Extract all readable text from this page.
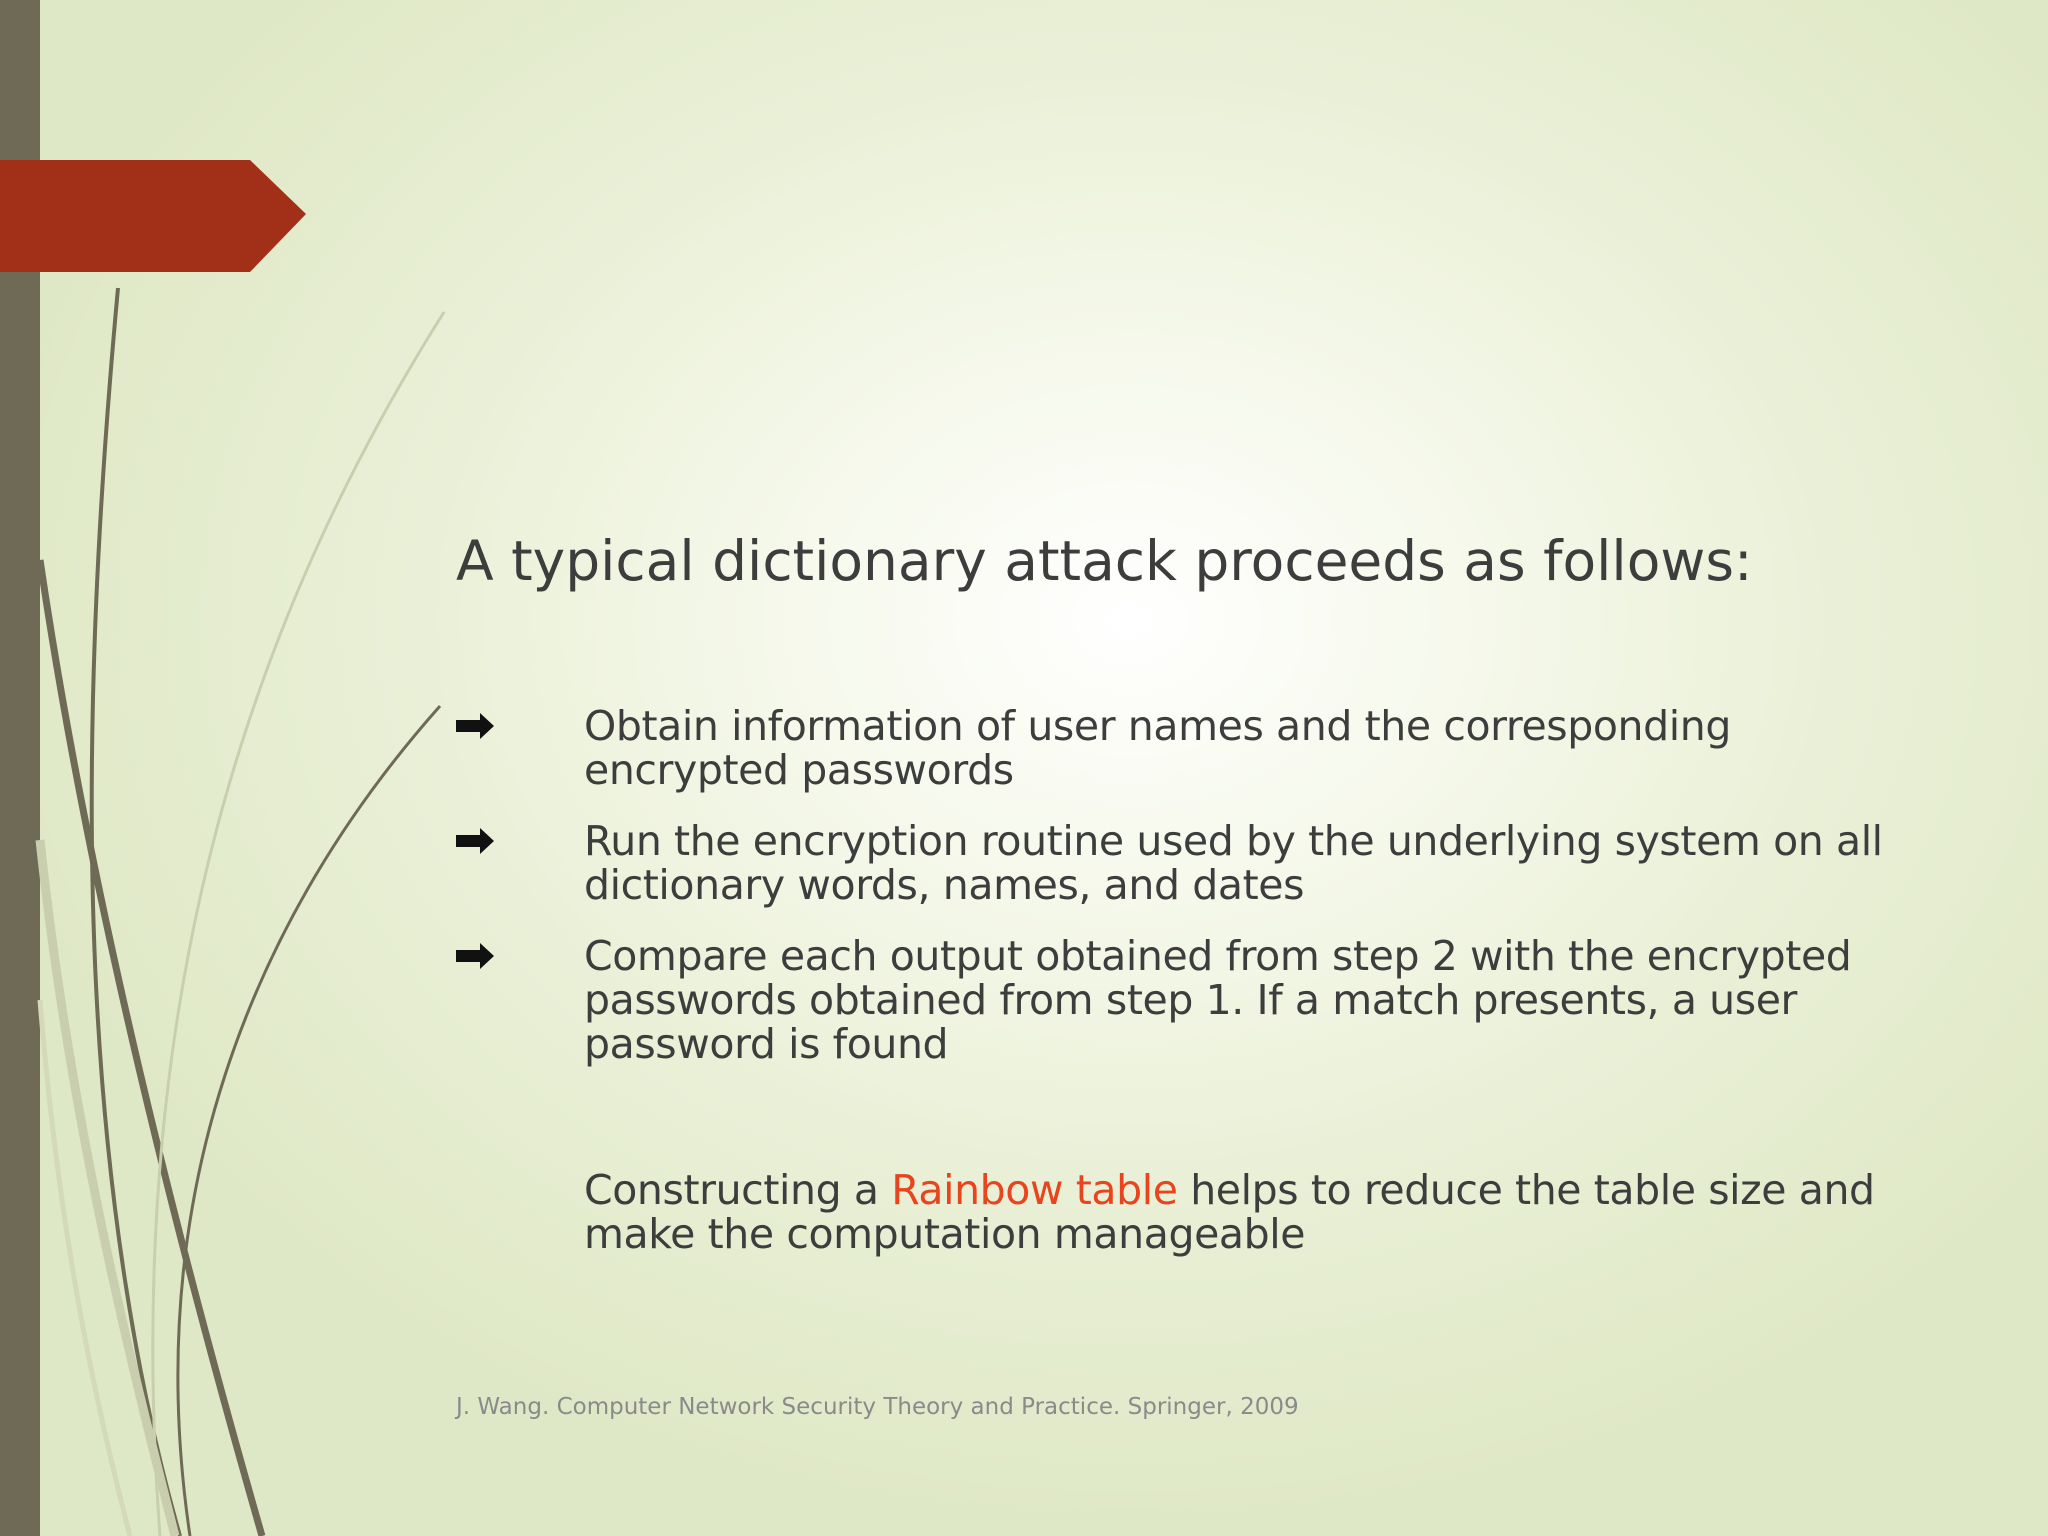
A typical dictionary attack proceeds as follows:
Obtain information of user names and the corresponding encrypted passwords
Run the encryption routine used by the underlying system on all dictionary words, names, and dates
Compare each output obtained from step 2 with the encrypted passwords obtained from step 1. If a match presents, a user password is found
Constructing a Rainbow table helps to reduce the table size and make the computation manageable
J. Wang. Computer Network Security Theory and Practice. Springer, 2009
